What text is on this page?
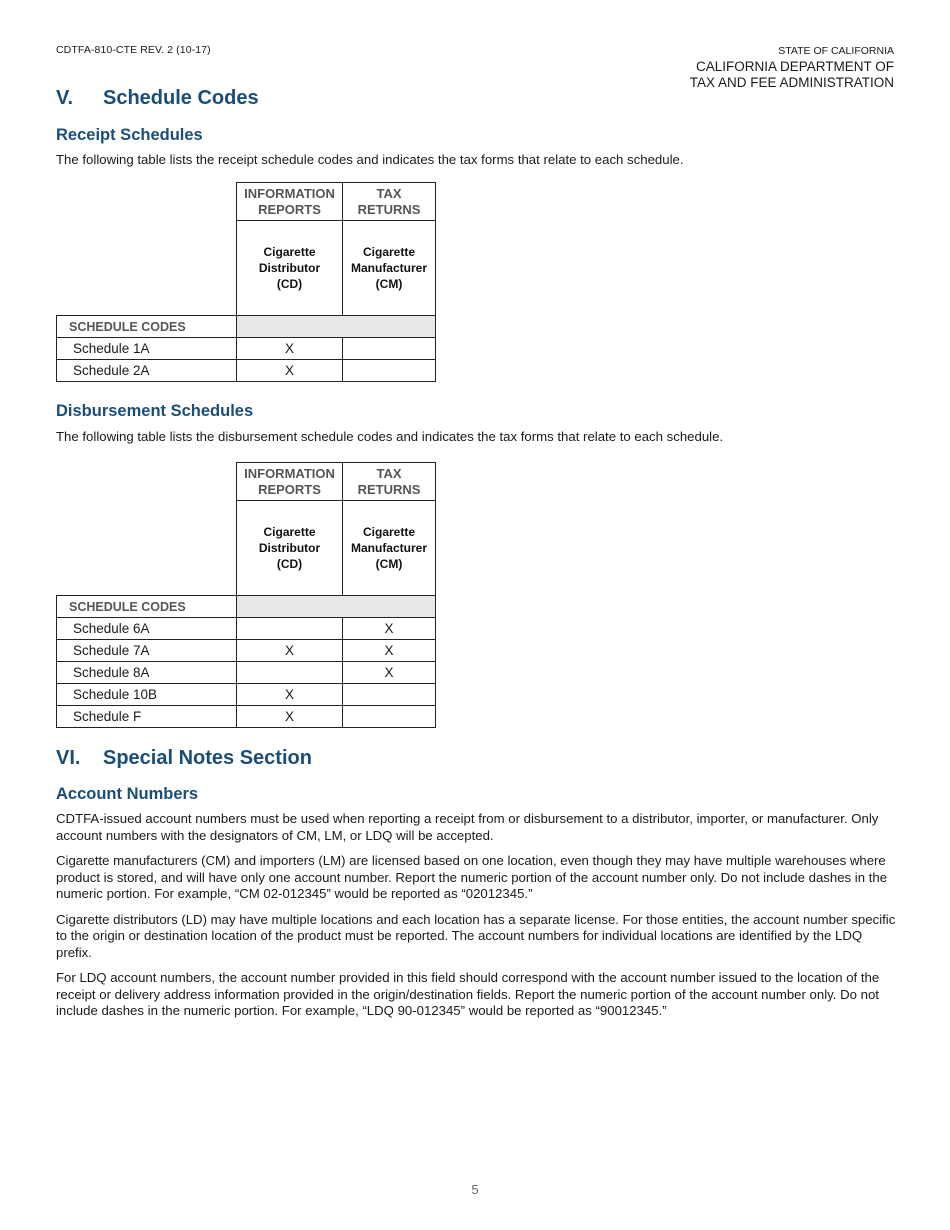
CDTFA-810-CTE REV. 2 (10-17)	STATE OF CALIFORNIA
CALIFORNIA DEPARTMENT OF
TAX AND FEE ADMINISTRATION
V. Schedule Codes
Receipt Schedules

The following table lists the receipt schedule codes and indicates the tax forms that relate to each schedule.

	INFORMATION
REPORTS	TAX
RETURNS
	Cigarette
Distributor
(CD)	Cigarette
Manufacturer
(CM)
SCHEDULE CODES		
Schedule 1A	X	
Schedule 2A	X	
Disbursement Schedules

The following table lists the disbursement schedule codes and indicates the tax forms that relate to each schedule.

	INFORMATION
REPORTS	TAX
RETURNS
	Cigarette
Distributor
(CD)	Cigarette
Manufacturer
(CM)
SCHEDULE CODES		
Schedule 6A		X
Schedule 7A	X	X
Schedule 8A		X
Schedule 10B	X	
Schedule F	X	
VI. Special Notes Section
Account Numbers

CDTFA-issued account numbers must be used when reporting a receipt from or disbursement to a distributor, importer, or manufacturer. Only account numbers with the designators of CM, LM, or LDQ will be accepted.

Cigarette manufacturers (CM) and importers (LM) are licensed based on one location, even though they may have multiple warehouses where product is stored, and will have only one account number. Report the numeric portion of the account number only. Do not include dashes in the numeric portion. For example, “CM 02-012345” would be reported as “02012345.”

Cigarette distributors (LD) may have multiple locations and each location has a separate license. For those entities, the account number specific to the origin or destination location of the product must be reported. The account numbers for individual locations are identified by the LDQ prefix.

For LDQ account numbers, the account number provided in this field should correspond with the account number issued to the location of the receipt or delivery address information provided in the origin/destination fields. Report the numeric portion of the account number only. Do not include dashes in the numeric portion. For example, “LDQ 90-012345” would be reported as “90012345.”

5
